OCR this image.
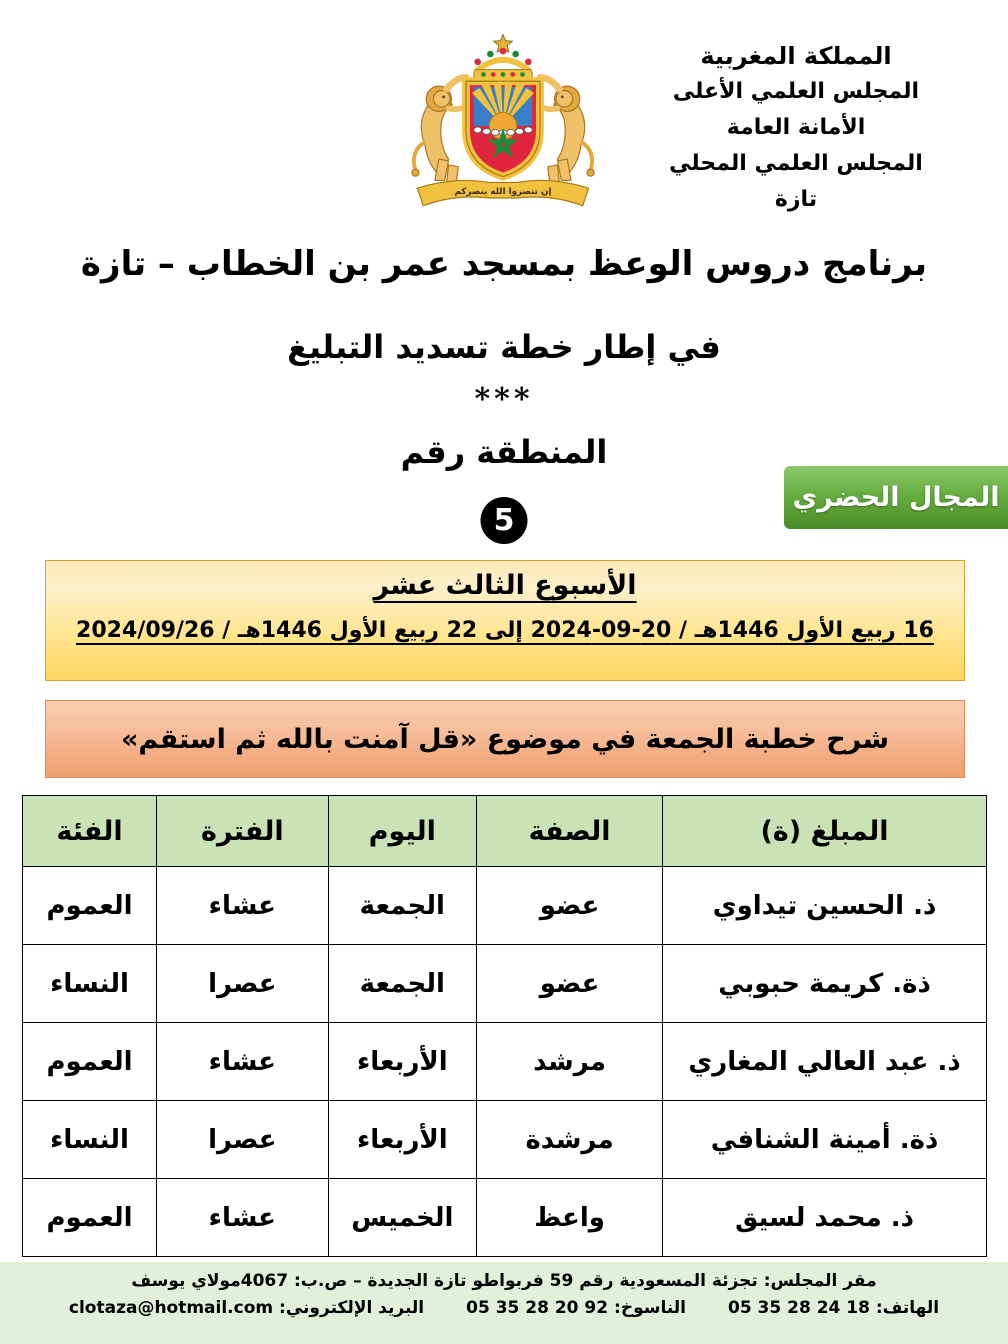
المملكة المغربية
المجلس العلمي الأعلى
الأمانة العامة
المجلس العلمي المحلي
تازة
إن تنصروا الله ينصركم
برنامج دروس الوعظ بمسجد عمر بن الخطاب – تازة
في إطار خطة تسديد التبليغ
***
المنطقة رقم
5
المجال الحضري
الأسبوع الثالث عشر
16 ربيع الأول 1446هـ / 20-09-2024 إلى 22 ربيع الأول 1446هـ / 2024/09/26
شرح خطبة الجمعة في موضوع «قل آمنت بالله ثم استقم»
المبلغ (ة)	الصفة	اليوم	الفترة	الفئة
ذ. الحسين تيداوي	عضو	الجمعة	عشاء	العموم
ذة. كريمة حبوبي	عضو	الجمعة	عصرا	النساء
ذ. عبد العالي المغاري	مرشد	الأربعاء	عشاء	العموم
ذة. أمينة الشنافي	مرشدة	الأربعاء	عصرا	النساء
ذ. محمد لسيق	واعظ	الخميس	عشاء	العموم
مقر المجلس: تجزئة المسعودية رقم 59 فربواطو تازة الجديدة – ص.ب: 4067مولاي يوسف
الهاتف: 05 35 28 24 18
الناسوخ: 05 35 28 20 92
البريد الإلكتروني: clotaza@hotmail.com
